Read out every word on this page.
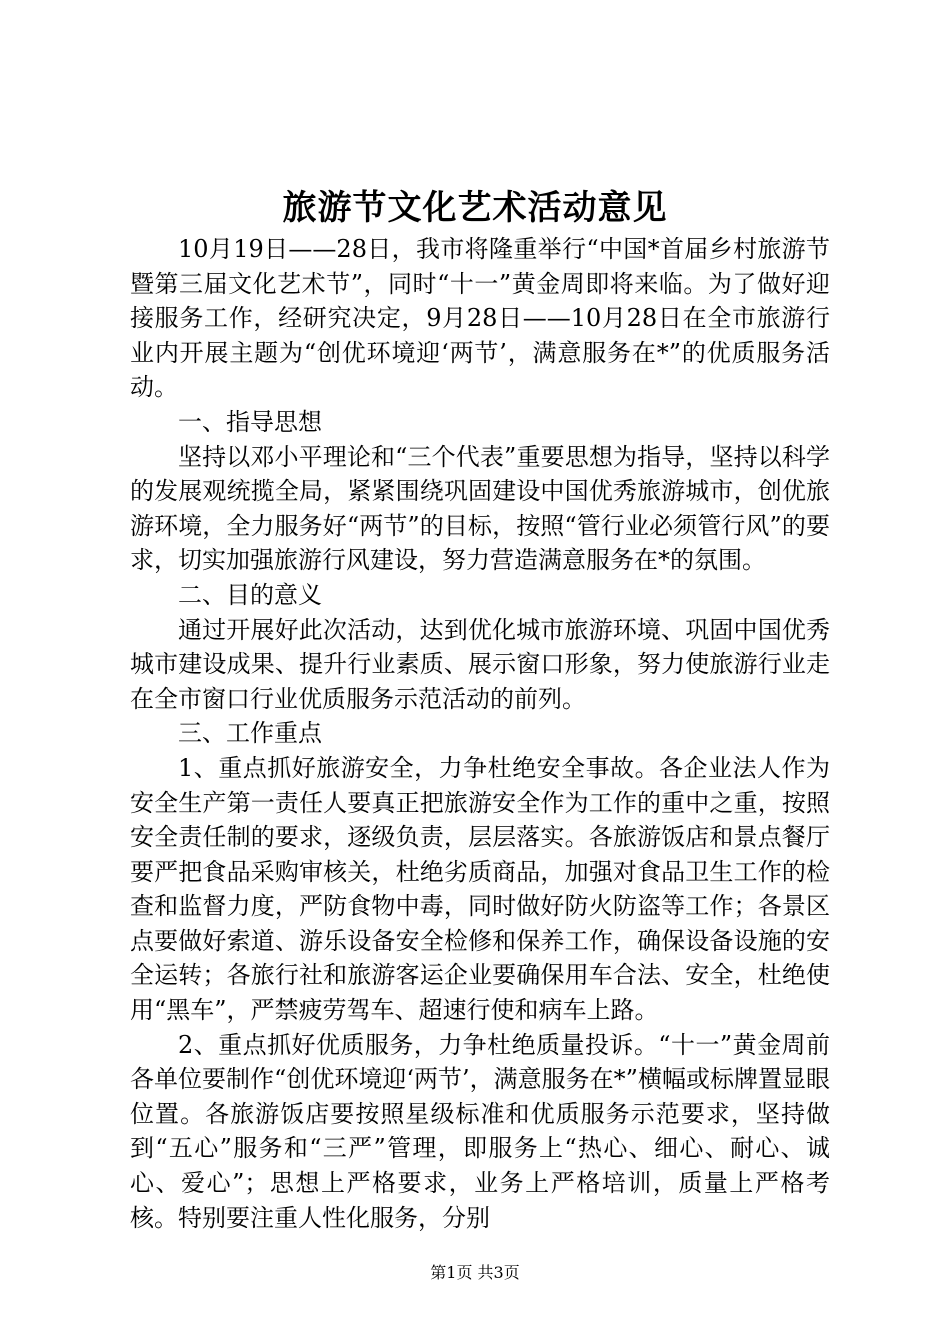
旅游节文化艺术活动意见

10月19日——28日，我市将隆重举行“中国*首届乡村旅游节暨第三届文化艺术节”，同时“十一”黄金周即将来临。为了做好迎接服务工作，经研究决定，9月28日——10月28日在全市旅游行业内开展主题为“创优环境迎‘两节’，满意服务在*”的优质服务活动。

一、指导思想

坚持以邓小平理论和“三个代表”重要思想为指导，坚持以科学的发展观统揽全局，紧紧围绕巩固建设中国优秀旅游城市，创优旅游环境，全力服务好“两节”的目标，按照“管行业必须管行风”的要求，切实加强旅游行风建设，努力营造满意服务在*的氛围。

二、目的意义

通过开展好此次活动，达到优化城市旅游环境、巩固中国优秀城市建设成果、提升行业素质、展示窗口形象，努力使旅游行业走在全市窗口行业优质服务示范活动的前列。

三、工作重点

1、重点抓好旅游安全，力争杜绝安全事故。各企业法人作为安全生产第一责任人要真正把旅游安全作为工作的重中之重，按照安全责任制的要求，逐级负责，层层落实。各旅游饭店和景点餐厅要严把食品采购审核关，杜绝劣质商品，加强对食品卫生工作的检查和监督力度，严防食物中毒，同时做好防火防盗等工作；各景区点要做好索道、游乐设备安全检修和保养工作，确保设备设施的安全运转；各旅行社和旅游客运企业要确保用车合法、安全，杜绝使用“黑车”，严禁疲劳驾车、超速行使和病车上路。

2、重点抓好优质服务，力争杜绝质量投诉。“十一”黄金周前各单位要制作“创优环境迎‘两节’，满意服务在*”横幅或标牌置显眼位置。各旅游饭店要按照星级标准和优质服务示范要求，坚持做到“五心”服务和“三严”管理，即服务上“热心、细心、耐心、诚心、爱心”；思想上严格要求，业务上严格培训，质量上严格考核。特别要注重人性化服务，分别

第1页 共3页
